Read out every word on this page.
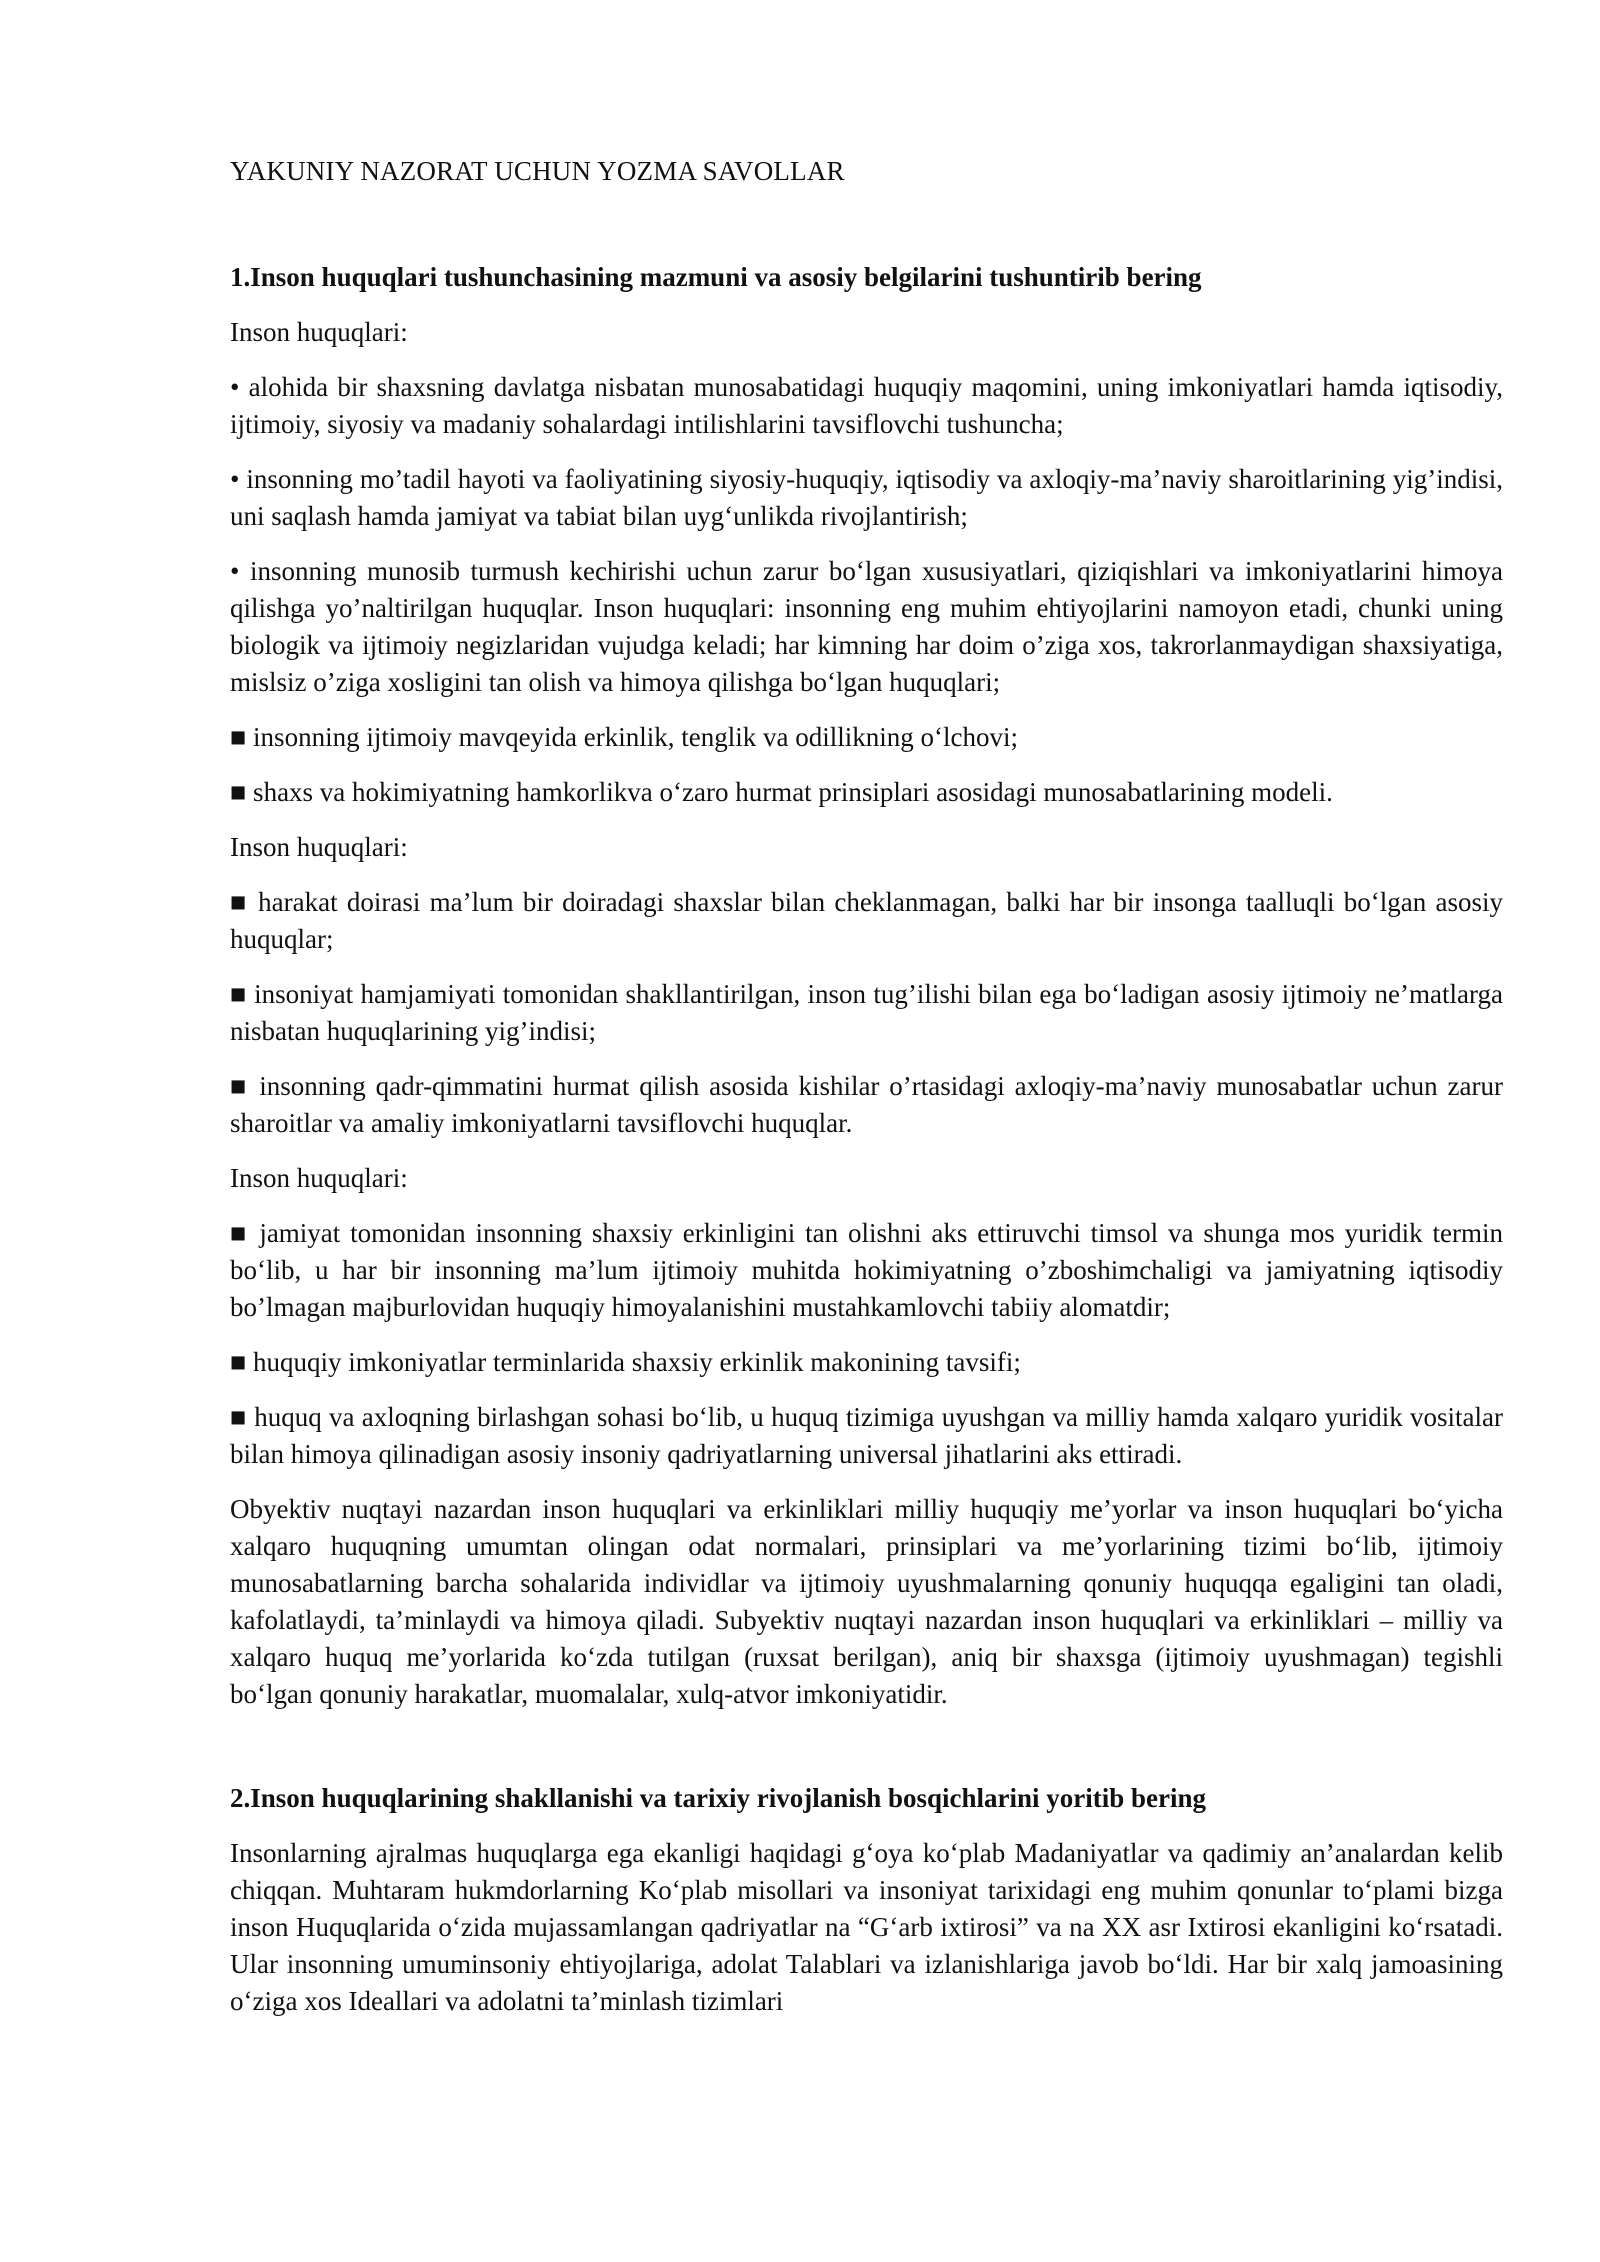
YAKUNIY NAZORAT UCHUN YOZMA SAVOLLAR
1.Inson huquqlari tushunchasining mazmuni va asosiy belgilarini tushuntirib bering

Inson huquqlari:

• alohida bir shaxsning davlatga nisbatan munosabatidagi huquqiy maqomini, uning imkoniyatlari hamda iqtisodiy, ijtimoiy, siyosiy va madaniy sohalardagi intilishlarini tavsiflovchi tushuncha;

• insonning mo’tadil hayoti va faoliyatining siyosiy-huquqiy, iqtisodiy va axloqiy-ma’naviy sharoitlarining yig’indisi, uni saqlash hamda jamiyat va tabiat bilan uyg‘unlikda rivojlantirish;

• insonning munosib turmush kechirishi uchun zarur bo‘lgan xususiyatlari, qiziqishlari va imkoniyatlarini himoya qilishga yo’naltirilgan huquqlar. Inson huquqlari: insonning eng muhim ehtiyojlarini namoyon etadi, chunki uning biologik va ijtimoiy negizlaridan vujudga keladi; har kimning har doim o’ziga xos, takrorlanmaydigan shaxsiyatiga, mislsiz o’ziga xosligini tan olish va himoya qilishga bo‘lgan huquqlari;

■ insonning ijtimoiy mavqeyida erkinlik, tenglik va odillikning o‘lchovi;

■ shaxs va hokimiyatning hamkorlikva o‘zaro hurmat prinsiplari asosidagi munosabatlarining modeli.

Inson huquqlari:

■ harakat doirasi ma’lum bir doiradagi shaxslar bilan cheklanmagan, balki har bir insonga taalluqli bo‘lgan asosiy huquqlar;

■ insoniyat hamjamiyati tomonidan shakllantirilgan, inson tug’ilishi bilan ega bo‘ladigan asosiy ijtimoiy ne’matlarga nisbatan huquqlarining yig’indisi;

■ insonning qadr-qimmatini hurmat qilish asosida kishilar o’rtasidagi axloqiy-ma’naviy munosabatlar uchun zarur sharoitlar va amaliy imkoniyatlarni tavsiflovchi huquqlar.

Inson huquqlari:

■ jamiyat tomonidan insonning shaxsiy erkinligini tan olishni aks ettiruvchi timsol va shunga mos yuridik termin bo‘lib, u har bir insonning ma’lum ijtimoiy muhitda hokimiyatning o’zboshimchaligi va jamiyatning iqtisodiy bo’lmagan majburlovidan huquqiy himoyalanishini mustahkamlovchi tabiiy alomatdir;

■ huquqiy imkoniyatlar terminlarida shaxsiy erkinlik makonining tavsifi;

■ huquq va axloqning birlashgan sohasi bo‘lib, u huquq tizimiga uyushgan va milliy hamda xalqaro yuridik vositalar bilan himoya qilinadigan asosiy insoniy qadriyatlarning universal jihatlarini aks ettiradi.

Obyektiv nuqtayi nazardan inson huquqlari va erkinliklari milliy huquqiy me’yorlar va inson huquqlari bo‘yicha xalqaro huquqning umumtan olingan odat normalari, prinsiplari va me’yorlarining tizimi bo‘lib, ijtimoiy munosabatlarning barcha sohalarida individlar va ijtimoiy uyushmalarning qonuniy huquqqa egaligini tan oladi, kafolatlaydi, ta’minlaydi va himoya qiladi. Subyektiv nuqtayi nazardan inson huquqlari va erkinliklari – milliy va xalqaro huquq me’yorlarida ko‘zda tutilgan (ruxsat berilgan), aniq bir shaxsga (ijtimoiy uyushmagan) tegishli bo‘lgan qonuniy harakatlar, muomalalar, xulq-atvor imkoniyatidir.

2.Inson huquqlarining shakllanishi va tarixiy rivojlanish bosqichlarini yoritib bering

Insonlarning ajralmas huquqlarga ega ekanligi haqidagi g‘oya ko‘plab Madaniyatlar va qadimiy an’analardan kelib chiqqan. Muhtaram hukmdorlarning Ko‘plab misollari va insoniyat tarixidagi eng muhim qonunlar to‘plami bizga inson Huquqlarida o‘zida mujassamlangan qadriyatlar na “G‘arb ixtirosi” va na XX asr Ixtirosi ekanligini ko‘rsatadi. Ular insonning umuminsoniy ehtiyojlariga, adolat Talablari va izlanishlariga javob bo‘ldi. Har bir xalq jamoasining o‘ziga xos Ideallari va adolatni ta’minlash tizimlari
